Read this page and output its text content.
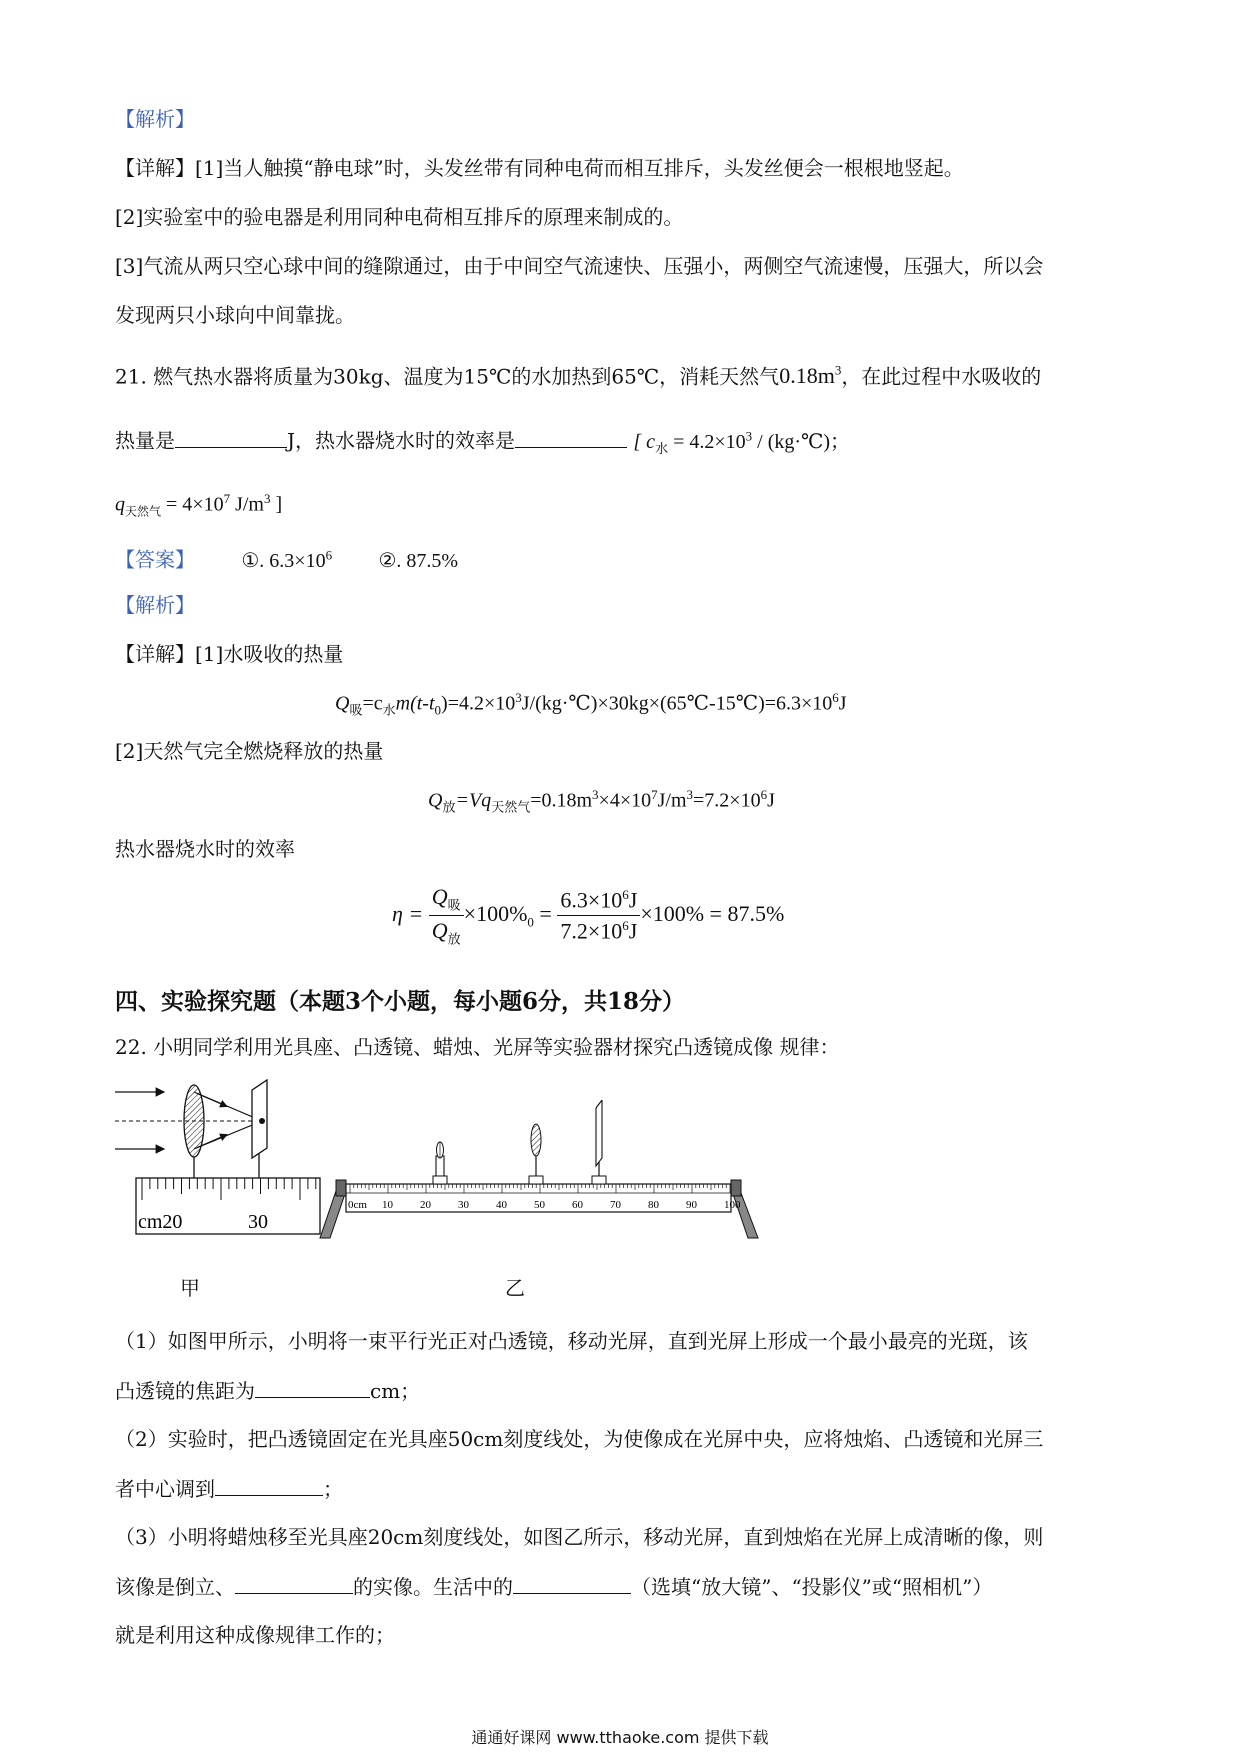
【解析】
【详解】[1]当人触摸“静电球”时，头发丝带有同种电荷而相互排斥，头发丝便会一根根地竖起。
[2]实验室中的验电器是利用同种电荷相互排斥的原理来制成的。
[3]气流从两只空心球中间的缝隙通过，由于中间空气流速快、压强小，两侧空气流速慢，压强大，所以会
发现两只小球向中间靠拢。
21. 燃气热水器将质量为30kg、温度为15℃的水加热到65℃，消耗天然气$0.18m^3$，在此过程中水吸收的
热量是	J，热水器烧水时的效率是	[ $c_水 = 4.2\times 10^3$ / (kg·℃)；
$q_{天然气} = 4\times 10^7$ $J/m^3$ ]
【答案】 ①. $6.3\times 10^6$ ②. 87.5%
【解析】
【详解】[1]水吸收的热量
$Q_吸=c_水m(t-t_0)=4.2\times 10^3J/(kg\cdot℃)\times 30kg\times(65℃-15℃)=6.3\times 10^6J$
[2]天然气完全燃烧释放的热量
$Q_放=Vq_{天然气}=0.18m^3\times 4\times 10^7J/m^3=7.2\times 10^6J$
热水器烧水时的效率
$\eta = \frac{Q_吸}{Q_放} \times 100\%_0 = \frac{6.3\times 10^6J}{7.2\times 10^6J} \times 100\% = 87.5\%$
四、实验探究题（本题3个小题，每小题6分，共18分）
22. 小明同学利用光具座、凸透镜、蜡烛、光屏等实验器材探究凸透镜成像 规律：
cm20	30
甲
0cm 10 20 30 40 50 60 70 80 90 100
乙
（1）如图甲所示，小明将一束平行光正对凸透镜，移动光屏，直到光屏上形成一个最小最亮的光斑，该
凸透镜的焦距为	cm；
（2）实验时，把凸透镜固定在光具座50cm刻度线处，为使像成在光屏中央，应将烛焰、凸透镜和光屏三
者中心调到	；
（3）小明将蜡烛移至光具座20cm刻度线处，如图乙所示，移动光屏，直到烛焰在光屏上成清晰的像，则
该像是倒立、	的实像。生活中的	（选填“放大镜”、“投影仪”或“照相机”）
就是利用这种成像规律工作的；
通通好课网 www.tthaoke.com 提供下载
